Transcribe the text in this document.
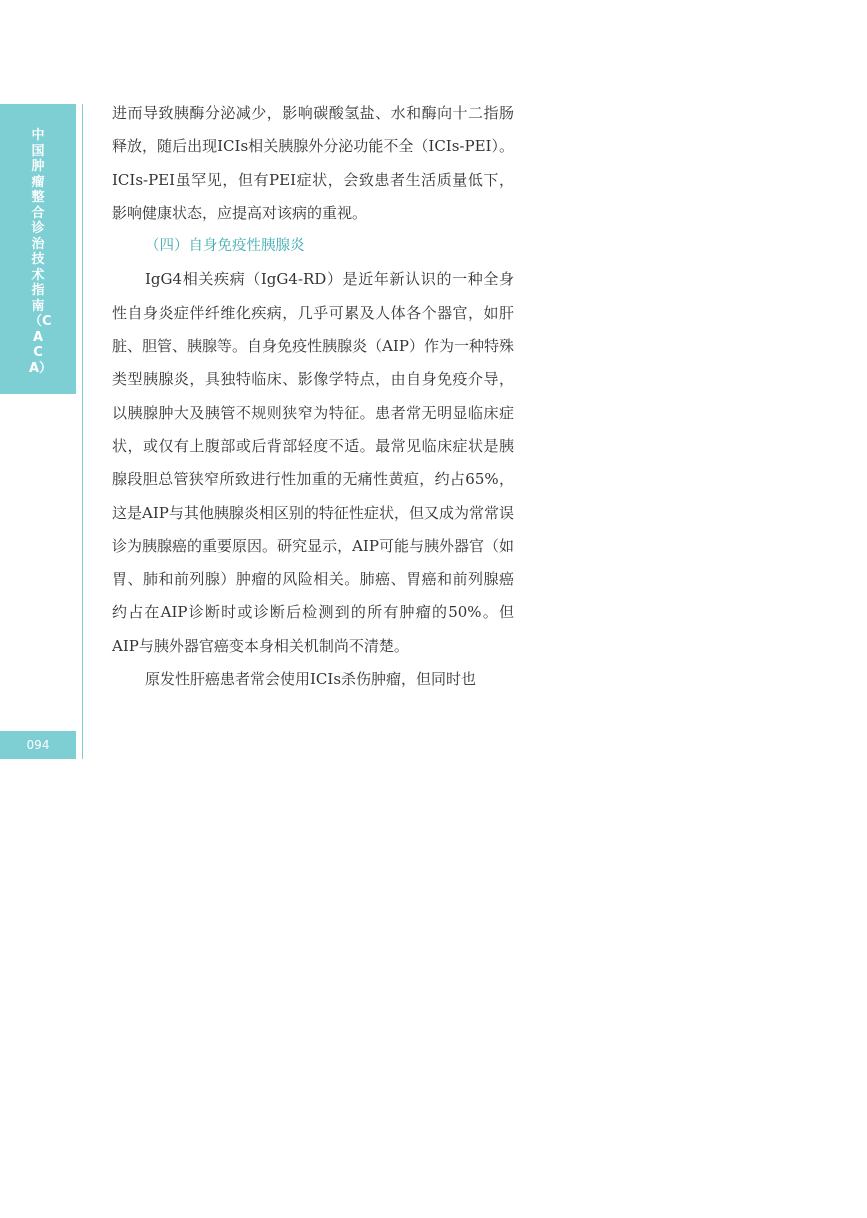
中国肿瘤整合诊治技术指南（CACA）
094

进而导致胰酶分泌减少，影响碳酸氢盐、水和酶向十二指肠释放，随后出现ICIs相关胰腺外分泌功能不全（ICIs-PEI）。ICIs-PEI虽罕见，但有PEI症状，会致患者生活质量低下，影响健康状态，应提高对该病的重视。

（四）自身免疫性胰腺炎

IgG4相关疾病（IgG4-RD）是近年新认识的一种全身性自身炎症伴纤维化疾病，几乎可累及人体各个器官，如肝脏、胆管、胰腺等。自身免疫性胰腺炎（AIP）作为一种特殊类型胰腺炎，具独特临床、影像学特点，由自身免疫介导，以胰腺肿大及胰管不规则狭窄为特征。患者常无明显临床症状，或仅有上腹部或后背部轻度不适。最常见临床症状是胰腺段胆总管狭窄所致进行性加重的无痛性黄疸，约占65%，这是AIP与其他胰腺炎相区别的特征性症状，但又成为常常误诊为胰腺癌的重要原因。研究显示，AIP可能与胰外器官（如胃、肺和前列腺）肿瘤的风险相关。肺癌、胃癌和前列腺癌约占在AIP诊断时或诊断后检测到的所有肿瘤的50%。但AIP与胰外器官癌变本身相关机制尚不清楚。

原发性肝癌患者常会使用ICIs杀伤肿瘤，但同时也
